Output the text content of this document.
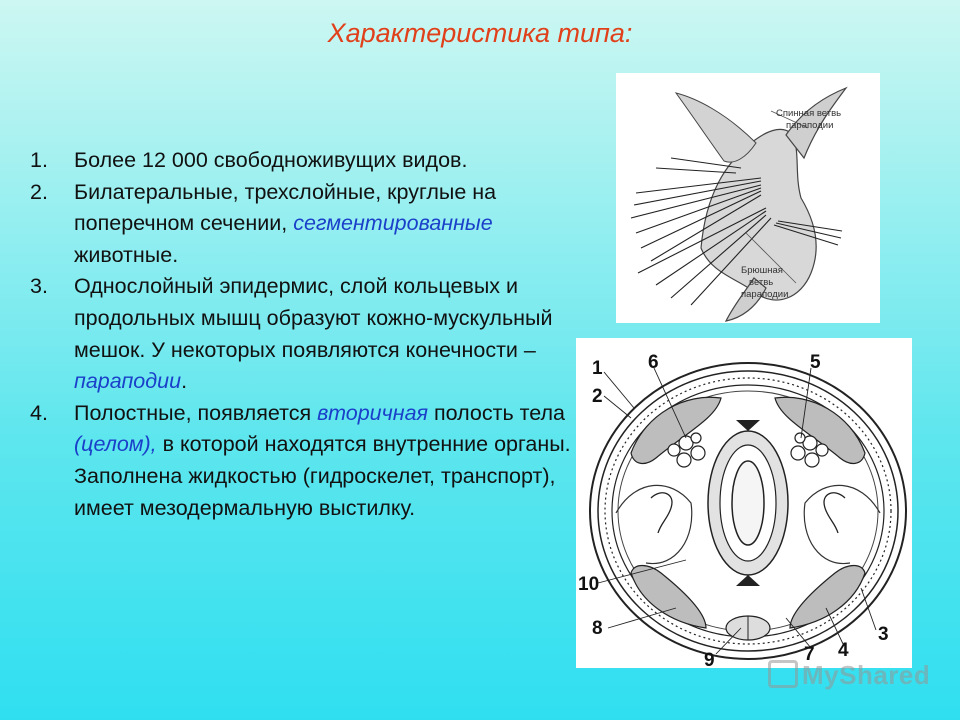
Характеристика типа:
1. Более 12 000 свободноживущих видов.
2. Билатеральные, трехслойные, круглые на поперечном сечении, сегментированные животные.
3. Однослойный эпидермис, слой кольцевых и продольных мышц образуют кожно-мускульный мешок. У некоторых появляются конечности – параподии.
4. Полостные, появляется вторичная полость тела (целом), в которой находятся внутренние органы. Заполнена жидкостью (гидроскелет, транспорт), имеет мезодермальную выстилку.
Спинная ветвь
параподии
Брюшная
ветвь
параподии
1
2
3
4
5
6
7
8
9
10
MyShared
